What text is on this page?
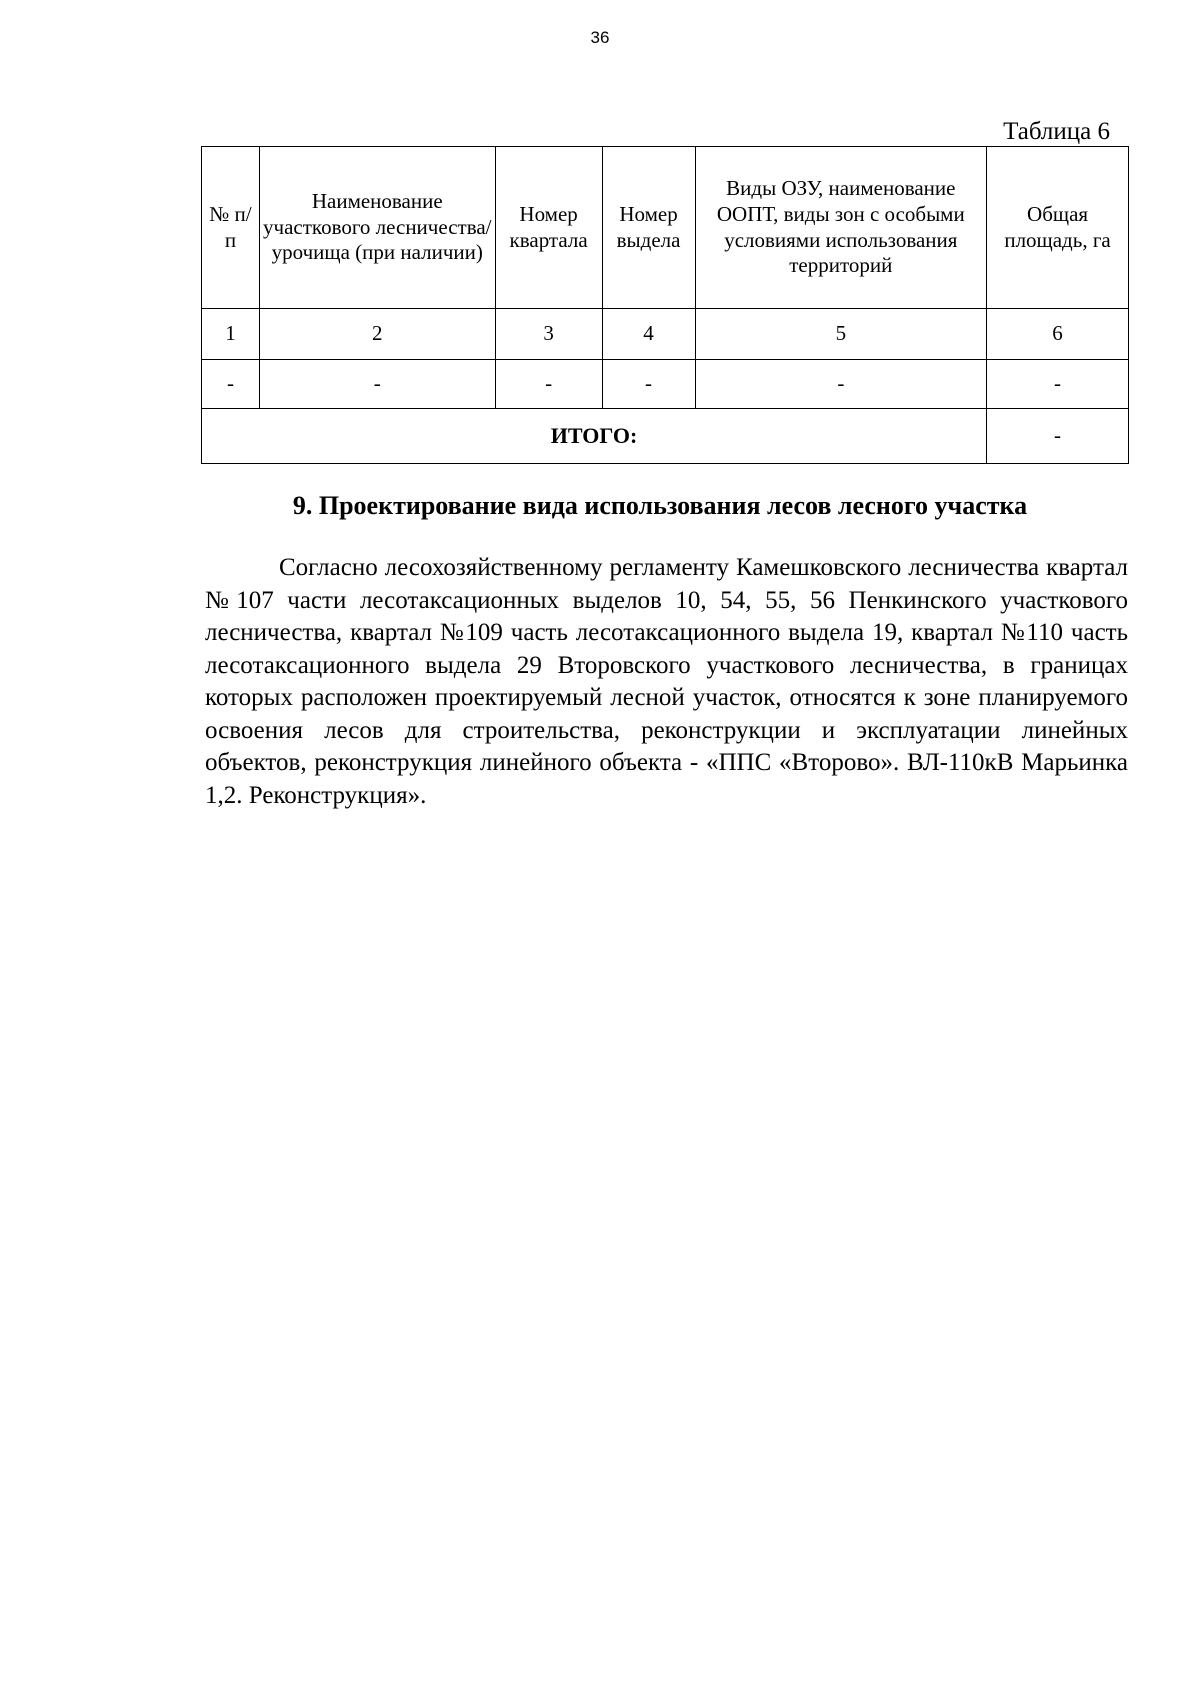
36
Таблица 6
№ п/п	Наименование участкового лесничества/урочища (при наличии)	Номер квартала	Номер выдела	Виды ОЗУ, наименование ООПТ, виды зон с особыми условиями использования территорий	Общая площадь, га
1	2	3	4	5	6
-	-	-	-	-	-
ИТОГО:					-
9. Проектирование вида использования лесов лесного участка

Согласно лесохозяйственному регламенту Камешковского лесничества квартал №107 части лесотаксационных выделов 10, 54, 55, 56 Пенкинского участкового лесничества, квартал №109 часть лесотаксационного выдела 19, квартал №110 часть лесотаксационного выдела 29 Второвского участкового лесничества, в границах которых расположен проектируемый лесной участок, относятся к зоне планируемого освоения лесов для строительства, реконструкции и эксплуатации линейных объектов, реконструкция линейного объекта - «ППС «Второво». ВЛ-110кВ Марьинка 1,2. Реконструкция».
